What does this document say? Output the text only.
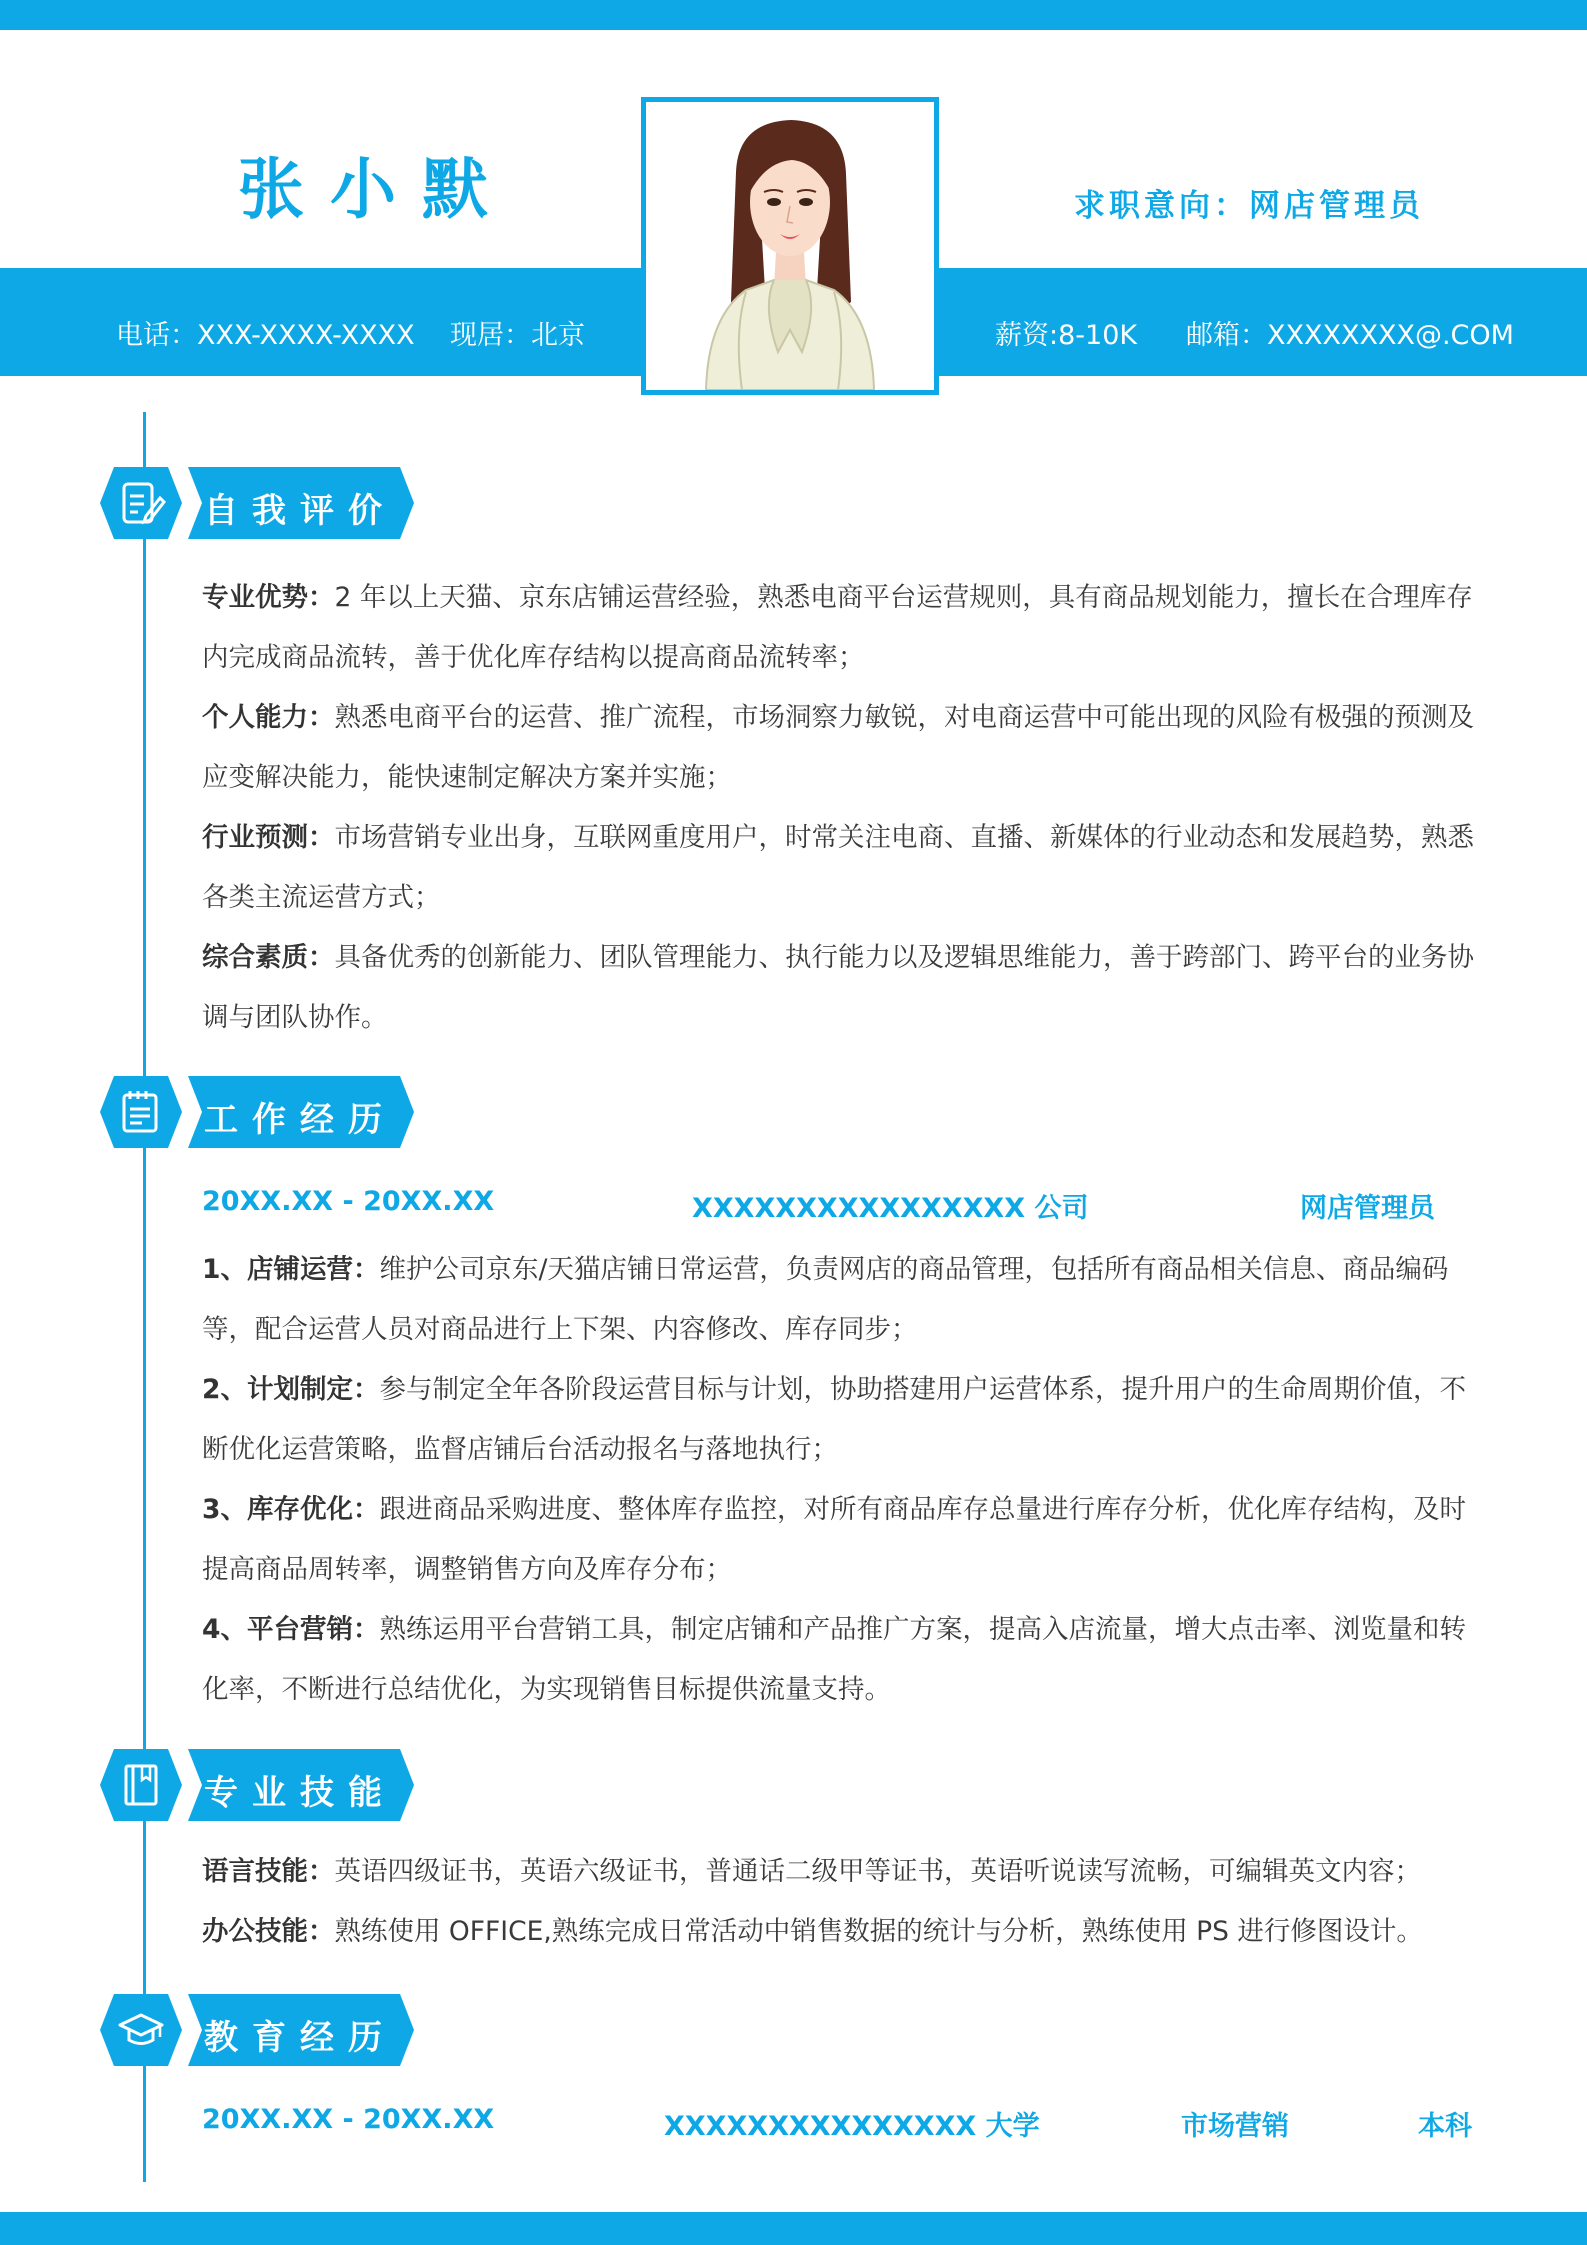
张小默	求职意向：网店管理员
电话：XXX-XXXX-XXXX 现居：北京	薪资:8-10K 邮箱：XXXXXXXX@.COM
自我评价
专业优势：2 年以上天猫、京东店铺运营经验，熟悉电商平台运营规则，具有商品规划能力，擅长在合理库存内完成商品流转，善于优化库存结构以提高商品流转率；
个人能力：熟悉电商平台的运营、推广流程，市场洞察力敏锐，对电商运营中可能出现的风险有极强的预测及应变解决能力，能快速制定解决方案并实施；
行业预测：市场营销专业出身，互联网重度用户，时常关注电商、直播、新媒体的行业动态和发展趋势，熟悉各类主流运营方式；
综合素质：具备优秀的创新能力、团队管理能力、执行能力以及逻辑思维能力，善于跨部门、跨平台的业务协调与团队协作。
工作经历
20XX.XX - 20XX.XX	XXXXXXXXXXXXXXXX 公司	网店管理员
1、店铺运营：维护公司京东/天猫店铺日常运营，负责网店的商品管理，包括所有商品相关信息、商品编码等，配合运营人员对商品进行上下架、内容修改、库存同步；
2、计划制定：参与制定全年各阶段运营目标与计划，协助搭建用户运营体系，提升用户的生命周期价值，不断优化运营策略，监督店铺后台活动报名与落地执行；
3、库存优化：跟进商品采购进度、整体库存监控，对所有商品库存总量进行库存分析，优化库存结构，及时提高商品周转率，调整销售方向及库存分布；
4、平台营销：熟练运用平台营销工具，制定店铺和产品推广方案，提高入店流量，增大点击率、浏览量和转化率，不断进行总结优化，为实现销售目标提供流量支持。
专业技能
语言技能：英语四级证书，英语六级证书，普通话二级甲等证书，英语听说读写流畅，可编辑英文内容；
办公技能：熟练使用 OFFICE,熟练完成日常活动中销售数据的统计与分析，熟练使用 PS 进行修图设计。
教育经历
20XX.XX - 20XX.XX	XXXXXXXXXXXXXXX 大学	市场营销	本科
